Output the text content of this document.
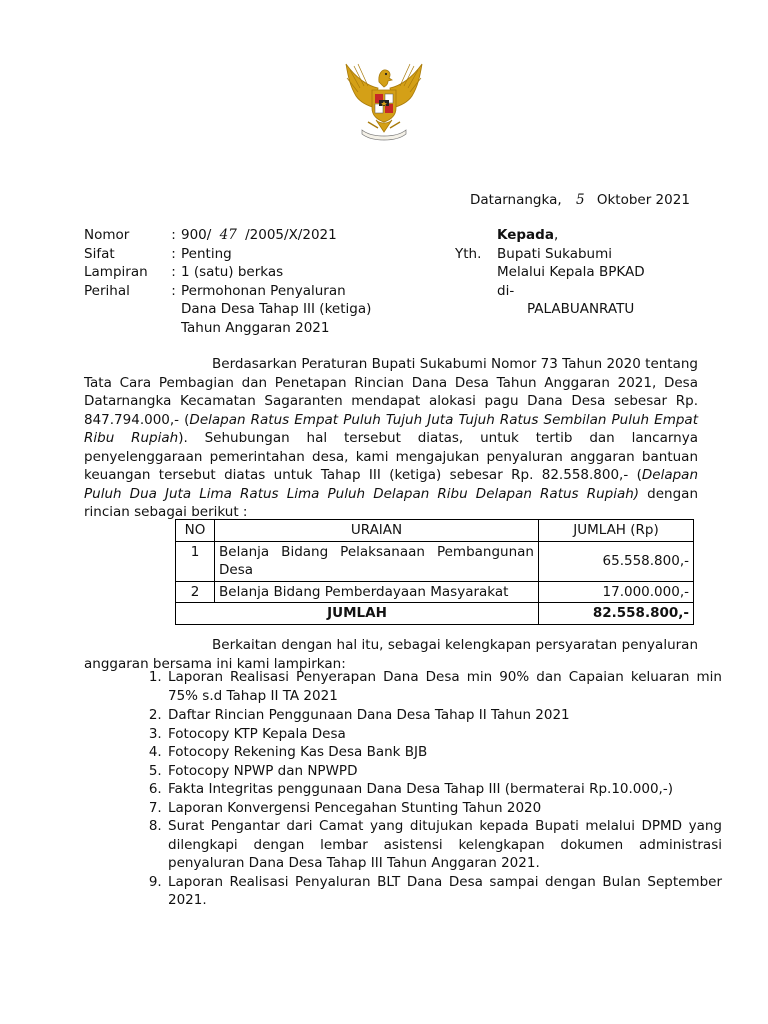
Datarnangka, 5 Oktober 2021
Nomor	:	900/ 47 /2005/X/2021
Sifat	:	Penting
Lampiran	:	1 (satu) berkas
Perihal	:	Permohonan Penyaluran
Dana Desa Tahap III (ketiga)
Tahun Anggaran 2021
Kepada,
Yth. Bupati Sukabumi
Melalui Kepala BPKAD
di-
PALABUANRATU
Berdasarkan Peraturan Bupati Sukabumi Nomor 73 Tahun 2020 tentang Tata Cara Pembagian dan Penetapan Rincian Dana Desa Tahun Anggaran 2021, Desa Datarnangka Kecamatan Sagaranten mendapat alokasi pagu Dana Desa sebesar Rp. 847.794.000,- (Delapan Ratus Empat Puluh Tujuh Juta Tujuh Ratus Sembilan Puluh Empat Ribu Rupiah). Sehubungan hal tersebut diatas, untuk tertib dan lancarnya penyelenggaraan pemerintahan desa, kami mengajukan penyaluran anggaran bantuan keuangan tersebut diatas untuk Tahap III (ketiga) sebesar Rp. 82.558.800,- (Delapan Puluh Dua Juta Lima Ratus Lima Puluh Delapan Ribu Delapan Ratus Rupiah) dengan rincian sebagai berikut :
NO	URAIAN	JUMLAH (Rp)
1	Belanja Bidang Pelaksanaan Pembangunan Desa	65.558.800,-
2	Belanja Bidang Pemberdayaan Masyarakat	17.000.000,-
JUMLAH		82.558.800,-
Berkaitan dengan hal itu, sebagai kelengkapan persyaratan penyaluran anggaran bersama ini kami lampirkan:
1. Laporan Realisasi Penyerapan Dana Desa min 90% dan Capaian keluaran min 75% s.d Tahap II TA 2021
2. Daftar Rincian Penggunaan Dana Desa Tahap II Tahun 2021
3. Fotocopy KTP Kepala Desa
4. Fotocopy Rekening Kas Desa Bank BJB
5. Fotocopy NPWP dan NPWPD
6. Fakta Integritas penggunaan Dana Desa Tahap III (bermaterai Rp.10.000,-)
7. Laporan Konvergensi Pencegahan Stunting Tahun 2020
8. Surat Pengantar dari Camat yang ditujukan kepada Bupati melalui DPMD yang dilengkapi dengan lembar asistensi kelengkapan dokumen administrasi penyaluran Dana Desa Tahap III Tahun Anggaran 2021.
9. Laporan Realisasi Penyaluran BLT Dana Desa sampai dengan Bulan September 2021.
